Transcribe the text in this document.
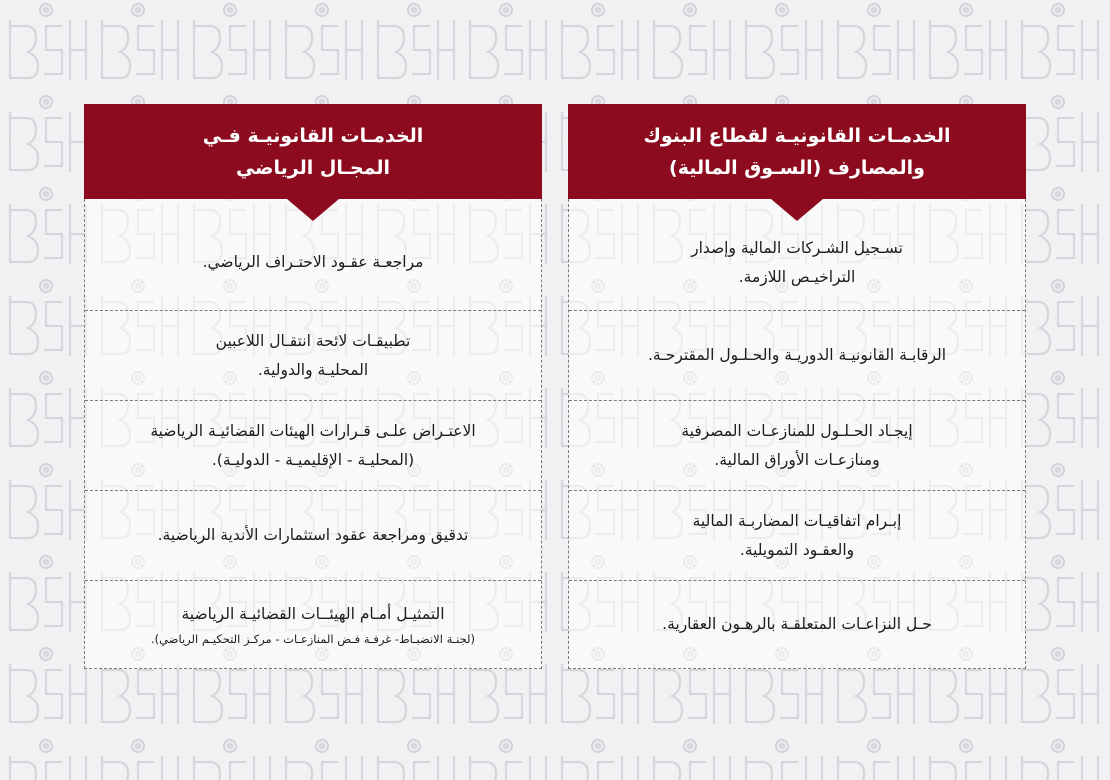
الخدمـات القانونيـة لقطاع البنوك
والمصارف (السـوق المالية)
تسـجيل الشـركات المالية وإصدار
التراخيـص اللازمة.
الرقابـة القانونيـة الدوريـة والحـلـول المقترحـة.
إيجـاد الحـلـول للمنازعـات المصرفية
ومنازعـات الأوراق المالية.
إبـرام اتفاقيـات المضاربـة المالية
والعقـود التمويلية.
حـل النزاعـات المتعلقـة بالرهـون العقارية.
الخدمـات القانونيـة فـي
المجـال الرياضي
مراجعـة عقـود الاحتـراف الرياضي.
تطبيقـات لائحة انتقـال اللاعبين
المحليـة والدولية.
الاعتـراض علـى قـرارات الهيئات القضائيـة الرياضية
(المحليـة - الإقليميـة - الدوليـة).
تدقيق ومراجعة عقود استثمارات الأندية الرياضية.
التمثيـل أمـام الهيئــات القضائيـة الرياضية
(لجنـة الانضبـاط- غرفـة فـض المنازعـات - مركـز التحكيـم الرياضي).
